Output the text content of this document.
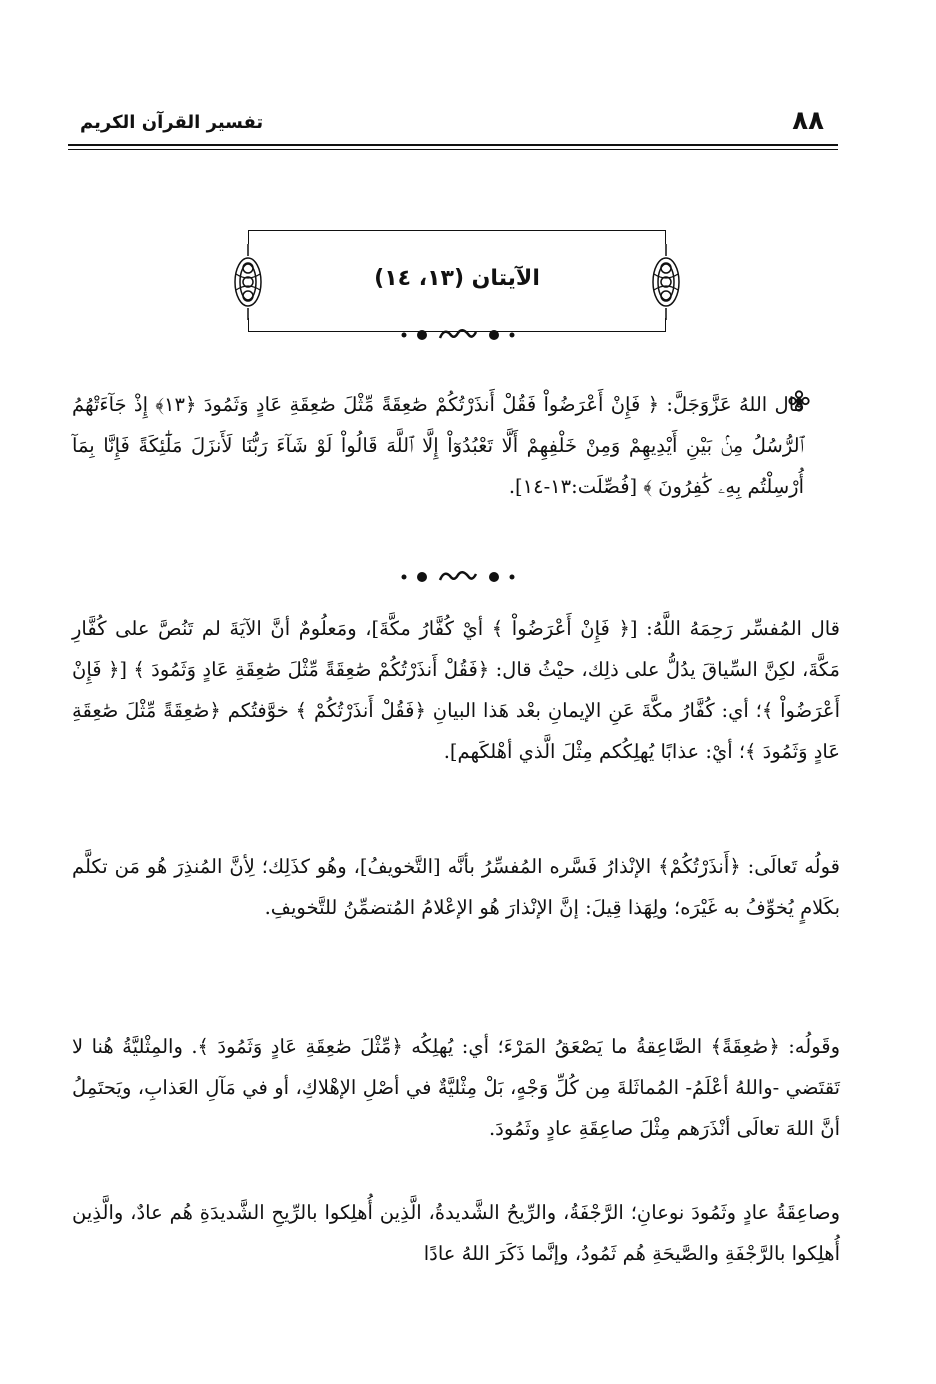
٨٨
تفسير القرآن الكريم
الآيتان (١٣، ١٤)

قال اللهُ عَزَّوَجَلَّ: ﴿ فَإِنْ أَعْرَضُواْ فَقُلْ أَنذَرْتُكُمْ صَٰعِقَةً مِّثْلَ صَٰعِقَةِ عَادٍ وَثَمُودَ ﴿١٣﴾ إِذْ جَآءَتْهُمُ ٱلرُّسُلُ مِنۢ بَيْنِ أَيْدِيهِمْ وَمِنْ خَلْفِهِمْ أَلَّا تَعْبُدُوٓاْ إِلَّا ٱللَّهَ قَالُواْ لَوْ شَآءَ رَبُّنَا لَأَنزَلَ مَلَٰٓئِكَةً فَإِنَّا بِمَآ أُرْسِلْتُم بِهِۦ كَٰفِرُونَ ﴾ [فُصِّلَت:١٣-١٤].

قال المُفسِّر رَحِمَهُ اللَّهُ: [﴿ فَإِنْ أَعْرَضُواْ ﴾ أيْ كُفَّارُ مكَّةَ]، ومَعلُومٌ أنَّ الآيَةَ لم تَنُصَّ على كُفَّارِ مَكَّةَ، لكِنَّ السِّياقَ يدُلُّ على ذلِك، حيْثُ قال: ﴿فَقُلْ أَنذَرْتُكُمْ صَٰعِقَةً مِّثْلَ صَٰعِقَةِ عَادٍ وَثَمُودَ ﴾ [﴿ فَإِنْ أَعْرَضُواْ ﴾؛ أي: كُفَّارُ مكَّةَ عَنِ الإيمانِ بعْد هَذا البيانِ ﴿فَقُلْ أَنذَرْتُكُمْ ﴾ خوَّفتُكم ﴿صَٰعِقَةً مِّثْلَ صَٰعِقَةِ عَادٍ وَثَمُودَ ﴾؛ أيْ: عذابًا يُهلِكُكم مِثْلَ الَّذي أهْلكَهم].

قولُه تَعالَى: ﴿أَنذَرْتُكُمْ﴾ الإنْذارُ فَسَّره المُفسِّرُ بأنَّه [التَّخويفُ]، وهُو كذَلِك؛ لِأنَّ المُنذِرَ هُو مَن تكلَّم بكَلامٍ يُخوِّفُ به غَيْرَه؛ ولِهَذا قِيلَ: إنَّ الإنْذارَ هُو الإعْلامُ المُتضمِّنُ للتَّخويفِ.

وقَولُه: ﴿صَٰعِقَةً﴾ الصَّاعِقةُ ما يَصْعَقُ المَرْءَ؛ أي: يُهلِكُه ﴿مِّثْلَ صَٰعِقَةِ عَادٍ وَثَمُودَ ﴾. والمِثْليَّةُ هُنا لا تَقتَضي -واللهُ أعْلَمُ- المُماثَلةَ مِن كُلِّ وَجْهٍ، بَلْ مِثْليَّةٌ في أصْلِ الإهْلاكِ، أو في مَآلِ العَذابِ، ويَحتَمِلُ أنَّ اللهَ تعالَى أنْذَرَهم مِثْلَ صاعِقَةِ عادٍ وثَمُودَ.

وصاعِقَةُ عادٍ وثَمُودَ نوعانِ؛ الرَّجْفَةُ، والرِّيحُ الشَّديدةُ، الَّذِين أُهلِكوا بالرِّيحِ الشَّديدَةِ هُم عادٌ، والَّذِين أُهلِكوا بالرَّجْفَةِ والصَّيحَةِ هُم ثَمُودُ، وإنَّما ذَكَرَ اللهُ عادًا
